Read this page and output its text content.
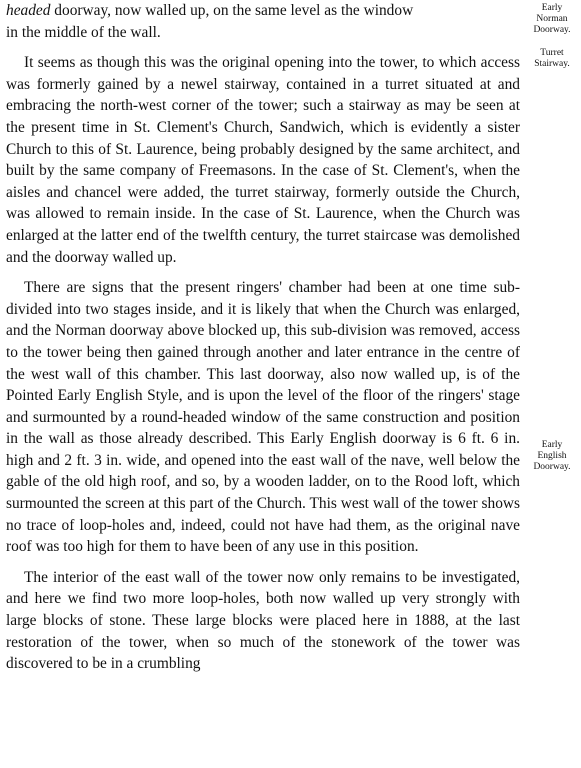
headed doorway, now walled up, on the same level as the window
in the middle of the wall.

It seems as though this was the original opening into the tower, to which access was formerly gained by a newel stairway, contained in a turret situated at and embracing the north-west corner of the tower; such a stairway as may be seen at the present time in St. Clement's Church, Sandwich, which is evidently a sister Church to this of St. Laurence, being probably designed by the same architect, and built by the same company of Freemasons. In the case of St. Clement's, when the aisles and chancel were added, the turret stairway, formerly outside the Church, was allowed to remain inside. In the case of St. Laurence, when the Church was enlarged at the latter end of the twelfth century, the turret staircase was demolished and the doorway walled up.

There are signs that the present ringers' chamber had been at one time sub-divided into two stages inside, and it is likely that when the Church was enlarged, and the Norman doorway above blocked up, this sub-division was removed, access to the tower being then gained through another and later entrance in the centre of the west wall of this chamber. This last doorway, also now walled up, is of the Pointed Early English Style, and is upon the level of the floor of the ringers' stage and surmounted by a round-headed window of the same construction and position in the wall as those already described. This Early English doorway is 6 ft. 6 in. high and 2 ft. 3 in. wide, and opened into the east wall of the nave, well below the gable of the old high roof, and so, by a wooden ladder, on to the Rood loft, which surmounted the screen at this part of the Church. This west wall of the tower shows no trace of loop-holes and, indeed, could not have had them, as the original nave roof was too high for them to have been of any use in this position.

The interior of the east wall of the tower now only remains to be investigated, and here we find two more loop-holes, both now walled up very strongly with large blocks of stone. These large blocks were placed here in 1888, at the last restoration of the tower, when so much of the stonework of the tower was discovered to be in a crumbling

Early
Norman
Doorway.
Turret
Stairway.
Early
English
Doorway.
